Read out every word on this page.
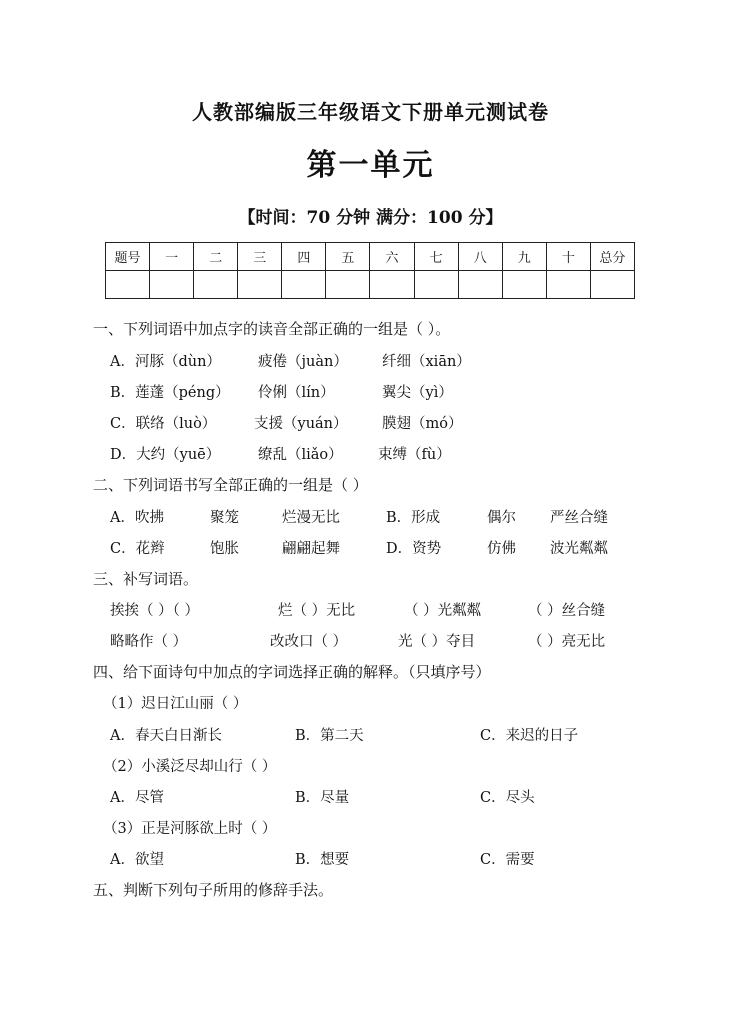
人教部编版三年级语文下册单元测试卷
第一单元
【时间：70 分钟 满分：100 分】
题号	一	二	三	四	五	六	七	八	九	十	总分

一、下列词语中加点字的读音全部正确的一组是（ ）。
A．河豚（dùn）	疲倦（juàn） 纤细（xiān）
B．莲蓬（péng） 伶俐（lín）	翼尖（yì）
C．联络（luò）	支援（yuán） 膜翅（mó）
D．大约（yuē）	缭乱（liǎo） 束缚（fù）
二、下列词语书写全部正确的一组是（ ）
A．吹拂	聚笼	烂漫无比	B．形成	偶尔 严丝合缝
C．花辫	饱胀	翩翩起舞	D．资势	仿佛 波光粼粼
三、补写词语。
挨挨（ ）（ ）	烂（ ）无比	（ ）光粼粼	（ ）丝合缝
略略作（ ）	改改口（ ）	光（ ）夺目	（ ）亮无比
四、给下面诗句中加点的字词选择正确的解释。（只填序号）
（1）迟日江山丽（ ）
A．春天白日渐长	B．第二天	C．来迟的日子
（2）小溪泛尽却山行（ ）
A．尽管	B．尽量	C．尽头
（3）正是河豚欲上时（ ）
A．欲望	B．想要	C．需要
五、判断下列句子所用的修辞手法。
